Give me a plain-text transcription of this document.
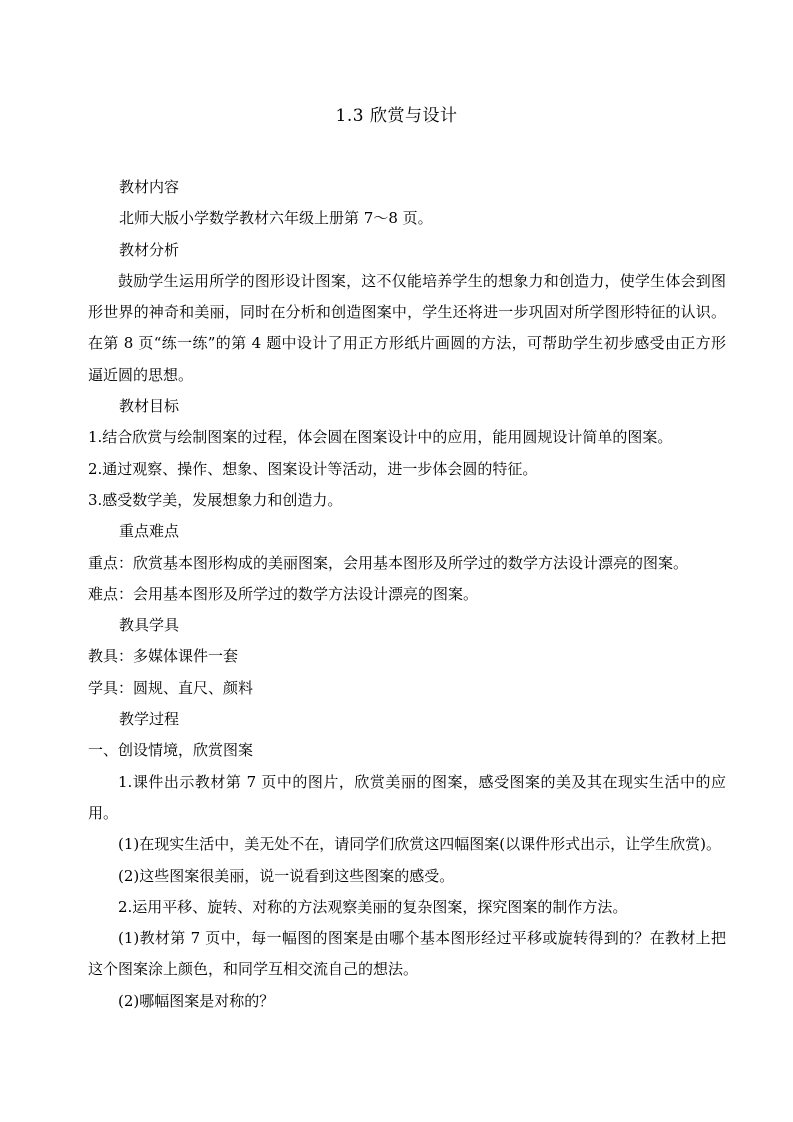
1.3 欣赏与设计

教材内容

北师大版小学数学教材六年级上册第 7～8 页。

教材分析

鼓励学生运用所学的图形设计图案，这不仅能培养学生的想象力和创造力，使学生体会到图形世界的神奇和美丽，同时在分析和创造图案中，学生还将进一步巩固对所学图形特征的认识。在第 8 页“练一练”的第 4 题中设计了用正方形纸片画圆的方法，可帮助学生初步感受由正方形逼近圆的思想。

教材目标

1.结合欣赏与绘制图案的过程，体会圆在图案设计中的应用，能用圆规设计简单的图案。

2.通过观察、操作、想象、图案设计等活动，进一步体会圆的特征。

3.感受数学美，发展想象力和创造力。

重点难点

重点：欣赏基本图形构成的美丽图案，会用基本图形及所学过的数学方法设计漂亮的图案。

难点：会用基本图形及所学过的数学方法设计漂亮的图案。

教具学具

教具：多媒体课件一套

学具：圆规、直尺、颜料

教学过程

一、创设情境，欣赏图案

1.课件出示教材第 7 页中的图片，欣赏美丽的图案，感受图案的美及其在现实生活中的应用。

(1)在现实生活中，美无处不在，请同学们欣赏这四幅图案(以课件形式出示，让学生欣赏)。

(2)这些图案很美丽，说一说看到这些图案的感受。

2.运用平移、旋转、对称的方法观察美丽的复杂图案，探究图案的制作方法。

(1)教材第 7 页中，每一幅图的图案是由哪个基本图形经过平移或旋转得到的？在教材上把这个图案涂上颜色，和同学互相交流自己的想法。

(2)哪幅图案是对称的？
